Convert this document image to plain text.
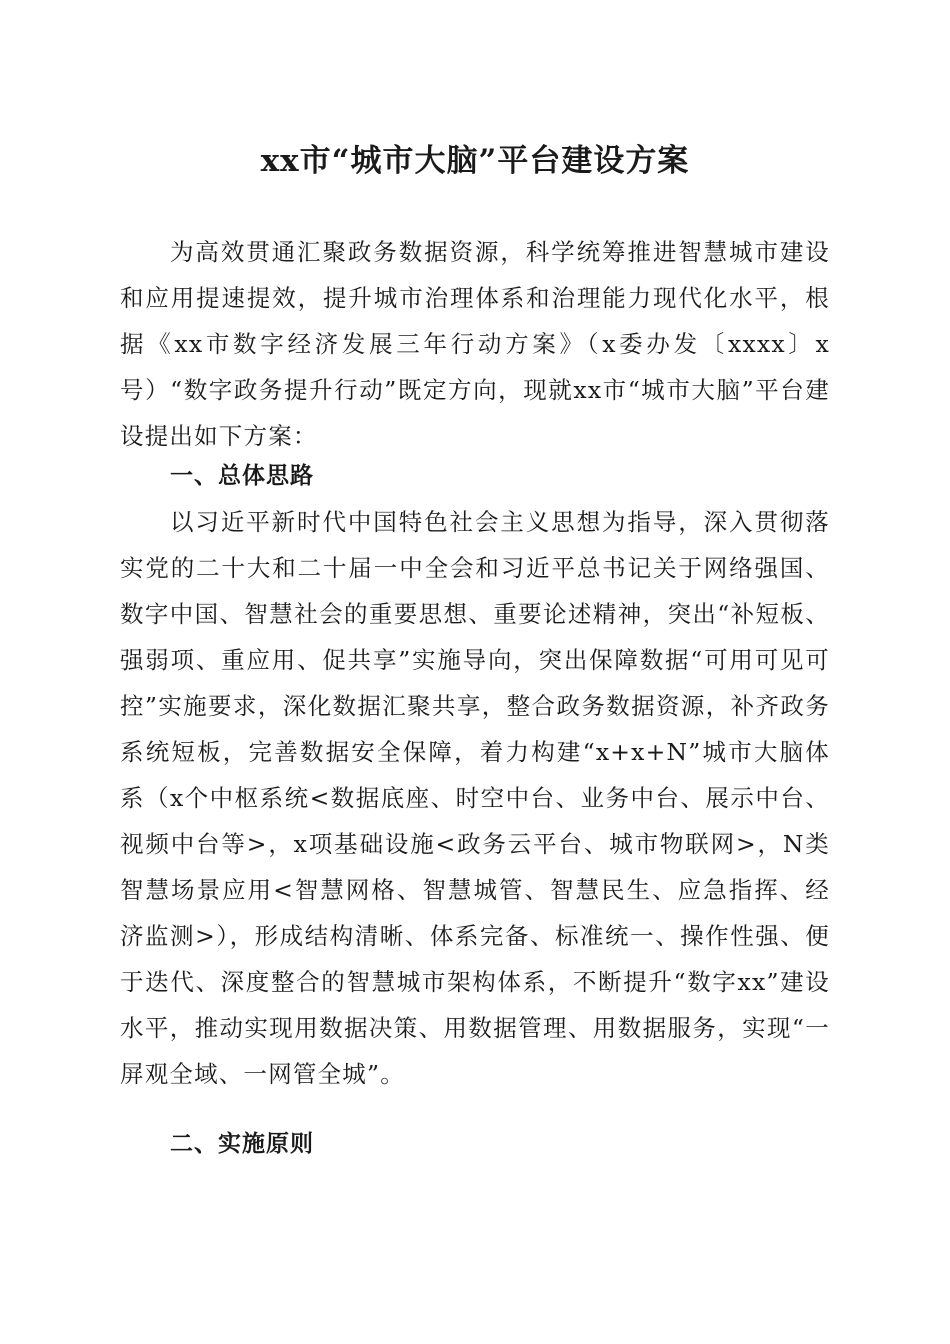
xx市“城市大脑”平台建设方案

为高效贯通汇聚政务数据资源，科学统筹推进智慧城市建设和应用提速提效，提升城市治理体系和治理能力现代化水平，根据《xx市数字经济发展三年行动方案》（x委办发〔xxxx〕x号）“数字政务提升行动”既定方向，现就xx市“城市大脑”平台建设提出如下方案：

一、总体思路

以习近平新时代中国特色社会主义思想为指导，深入贯彻落实党的二十大和二十届一中全会和习近平总书记关于网络强国、数字中国、智慧社会的重要思想、重要论述精神，突出“补短板、强弱项、重应用、促共享”实施导向，突出保障数据“可用可见可控”实施要求，深化数据汇聚共享，整合政务数据资源，补齐政务系统短板，完善数据安全保障，着力构建“x+x+N”城市大脑体系（x个中枢系统<数据底座、时空中台、业务中台、展示中台、视频中台等>，x项基础设施<政务云平台、城市物联网>，N类智慧场景应用<智慧网格、智慧城管、智慧民生、应急指挥、经济监测>），形成结构清晰、体系完备、标准统一、操作性强、便于迭代、深度整合的智慧城市架构体系，不断提升“数字xx”建设水平，推动实现用数据决策、用数据管理、用数据服务，实现“一屏观全域、一网管全城”。

二、实施原则
